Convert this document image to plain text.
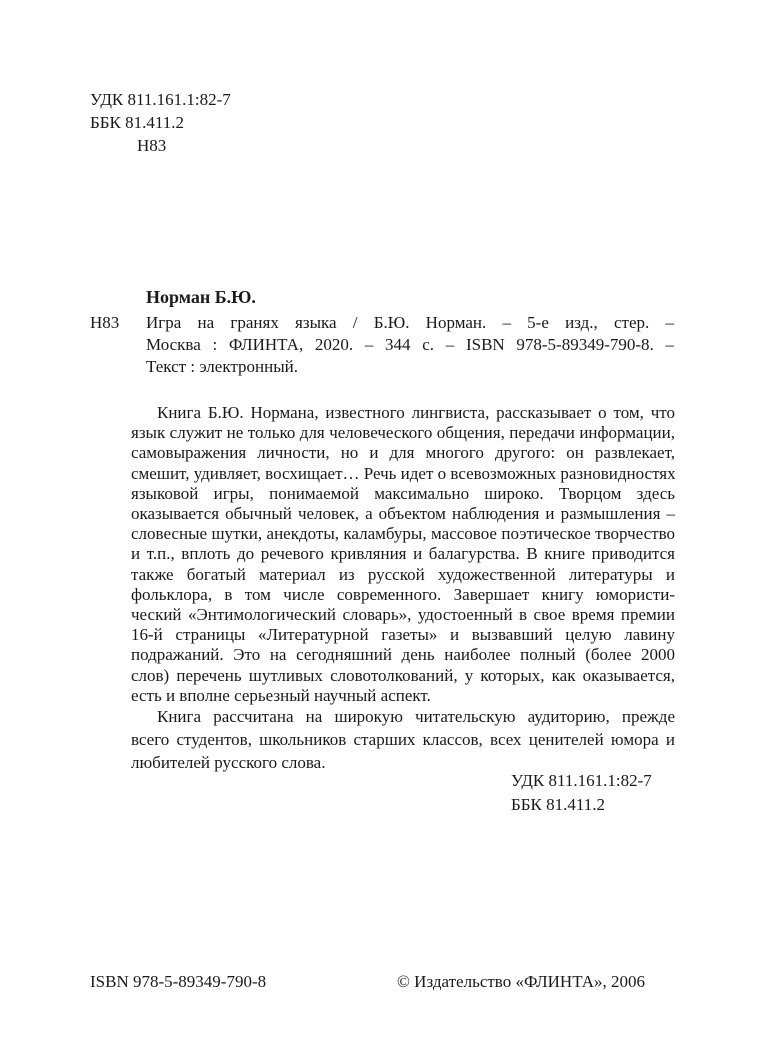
УДК 811.161.1:82-7
ББК 81.411.2
Н83
Норман Б.Ю.
Н83 Игра на гранях языка / Б.Ю. Норман. – 5-е изд., стер. –
Москва : ФЛИНТА, 2020. – 344 с. – ISBN 978-5-89349-790-8. –
Текст : электронный.
Книга Б.Ю. Нормана, известного лингвиста, рассказывает о том, что
язык служит не только для человеческого общения, передачи информации,
самовыражения личности, но и для многого другого: он развлекает,
смешит, удивляет, восхищает… Речь идет о всевозможных разновидностях
языковой игры, понимаемой максимально широко. Творцом здесь
оказывается обычный человек, а объектом наблюдения и размышления –
словесные шутки, анекдоты, каламбуры, массовое поэтическое творчество
и т.п., вплоть до речевого кривляния и балагурства. В книге приводится
также богатый материал из русской художественной литературы и
фольклора, в том числе современного. Завершает книгу юмористи-
ческий «Энтимологический словарь», удостоенный в свое время премии
16-й страницы «Литературной газеты» и вызвавший целую лавину
подражаний. Это на сегодняшний день наиболее полный (более 2000
слов) перечень шутливых словотолкований, у которых, как оказывается,
есть и вполне серьезный научный аспект.
Книга рассчитана на широкую читательскую аудиторию, прежде
всего студентов, школьников старших классов, всех ценителей юмора и
любителей русского слова.
УДК 811.161.1:82-7
ББК 81.411.2
ISBN 978-5-89349-790-8	© Издательство «ФЛИНТА», 2006
